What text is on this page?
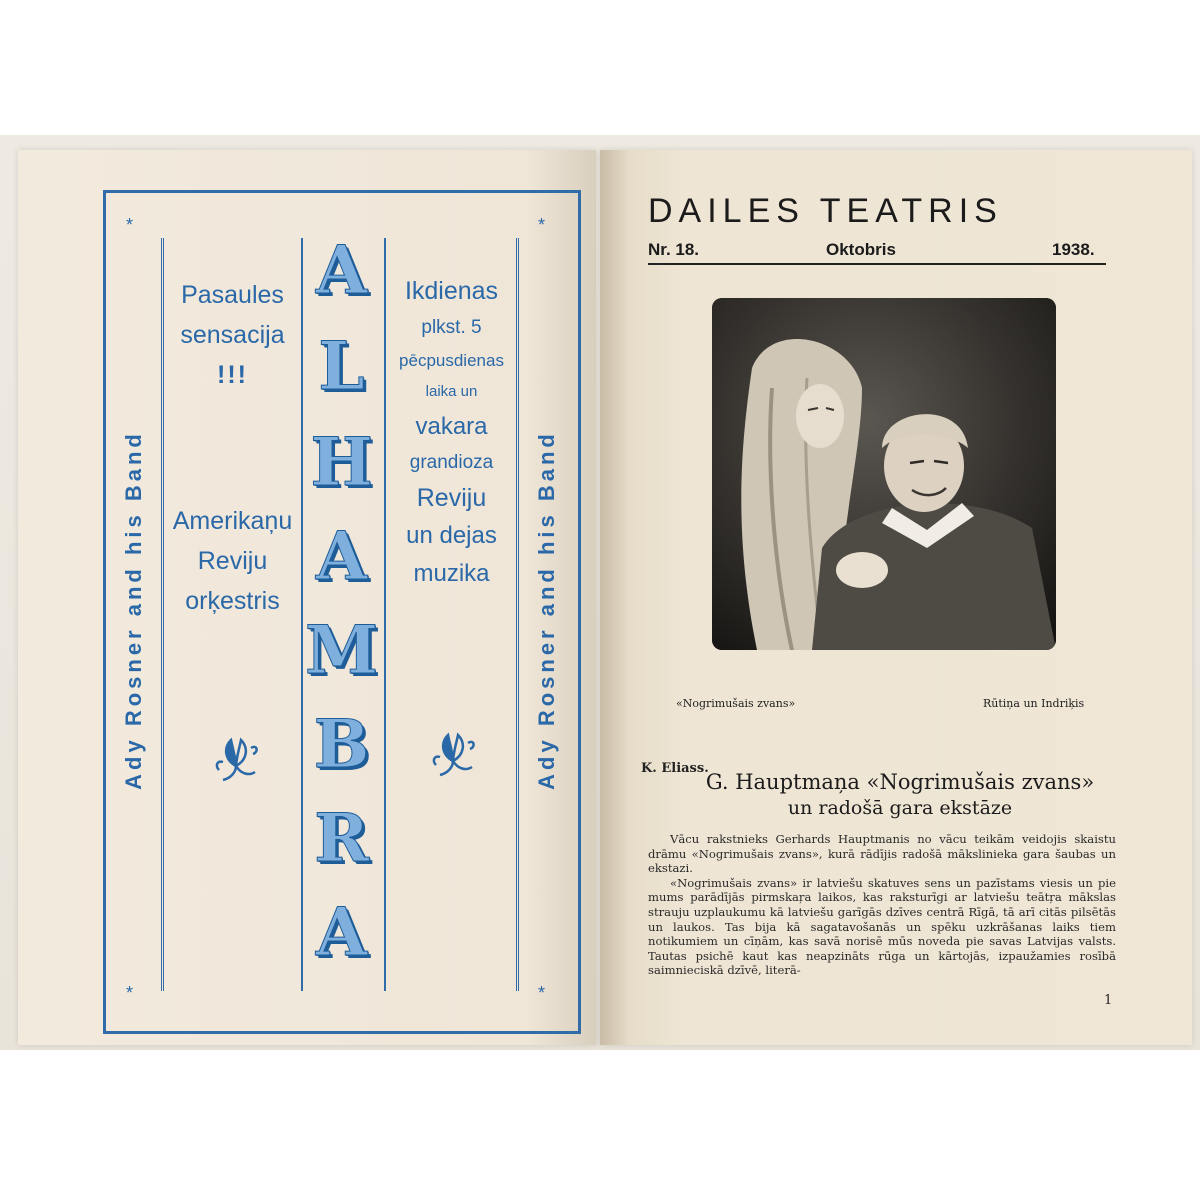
*
Ady Rosner and his Band
*
*
Ady Rosner and his Band
*
Pasaules
sensacija
!!!
Amerikaņu
Reviju
orķestris
A
L
H
A
M
B
R
A
Ikdienas
plkst. 5
pēcpusdienas
laika un
vakara
grandioza
Reviju
un dejas
muzika
DAILES TEATRIS
Nr. 18.	Oktobris	1938.
«Nogrimušais zvans»	Rūtiņa un Indriķis
K. Eliass.
G. Hauptmaņa «Nogrimušais zvans»
un radošā gara ekstāze

Vācu rakstnieks Gerhards Hauptmanis no vācu teikām veidojis skaistu drāmu «Nogrimušais zvans», kurā rādījis radošā mākslinieka gara šaubas un ekstazi.

«Nogrimušais zvans» ir latviešu skatuves sens un pazīstams viesis un pie mums parādījās pirmskaŗa laikos, kas raksturīgi ar latviešu teātŗa mākslas strauju uzplaukumu kā latviešu garīgās dzīves centrā Rīgā, tā arī citās pilsētās un laukos. Tas bija kā sagatavošanās un spēku uzkrāšanas laiks tiem notikumiem un cīņām, kas savā norisē mūs noveda pie savas Latvijas valsts. Tautas psichē kaut kas neapzināts rūga un kārtojās, izpaužamies rosībā saimnieciskā dzīvē, literā-

1
